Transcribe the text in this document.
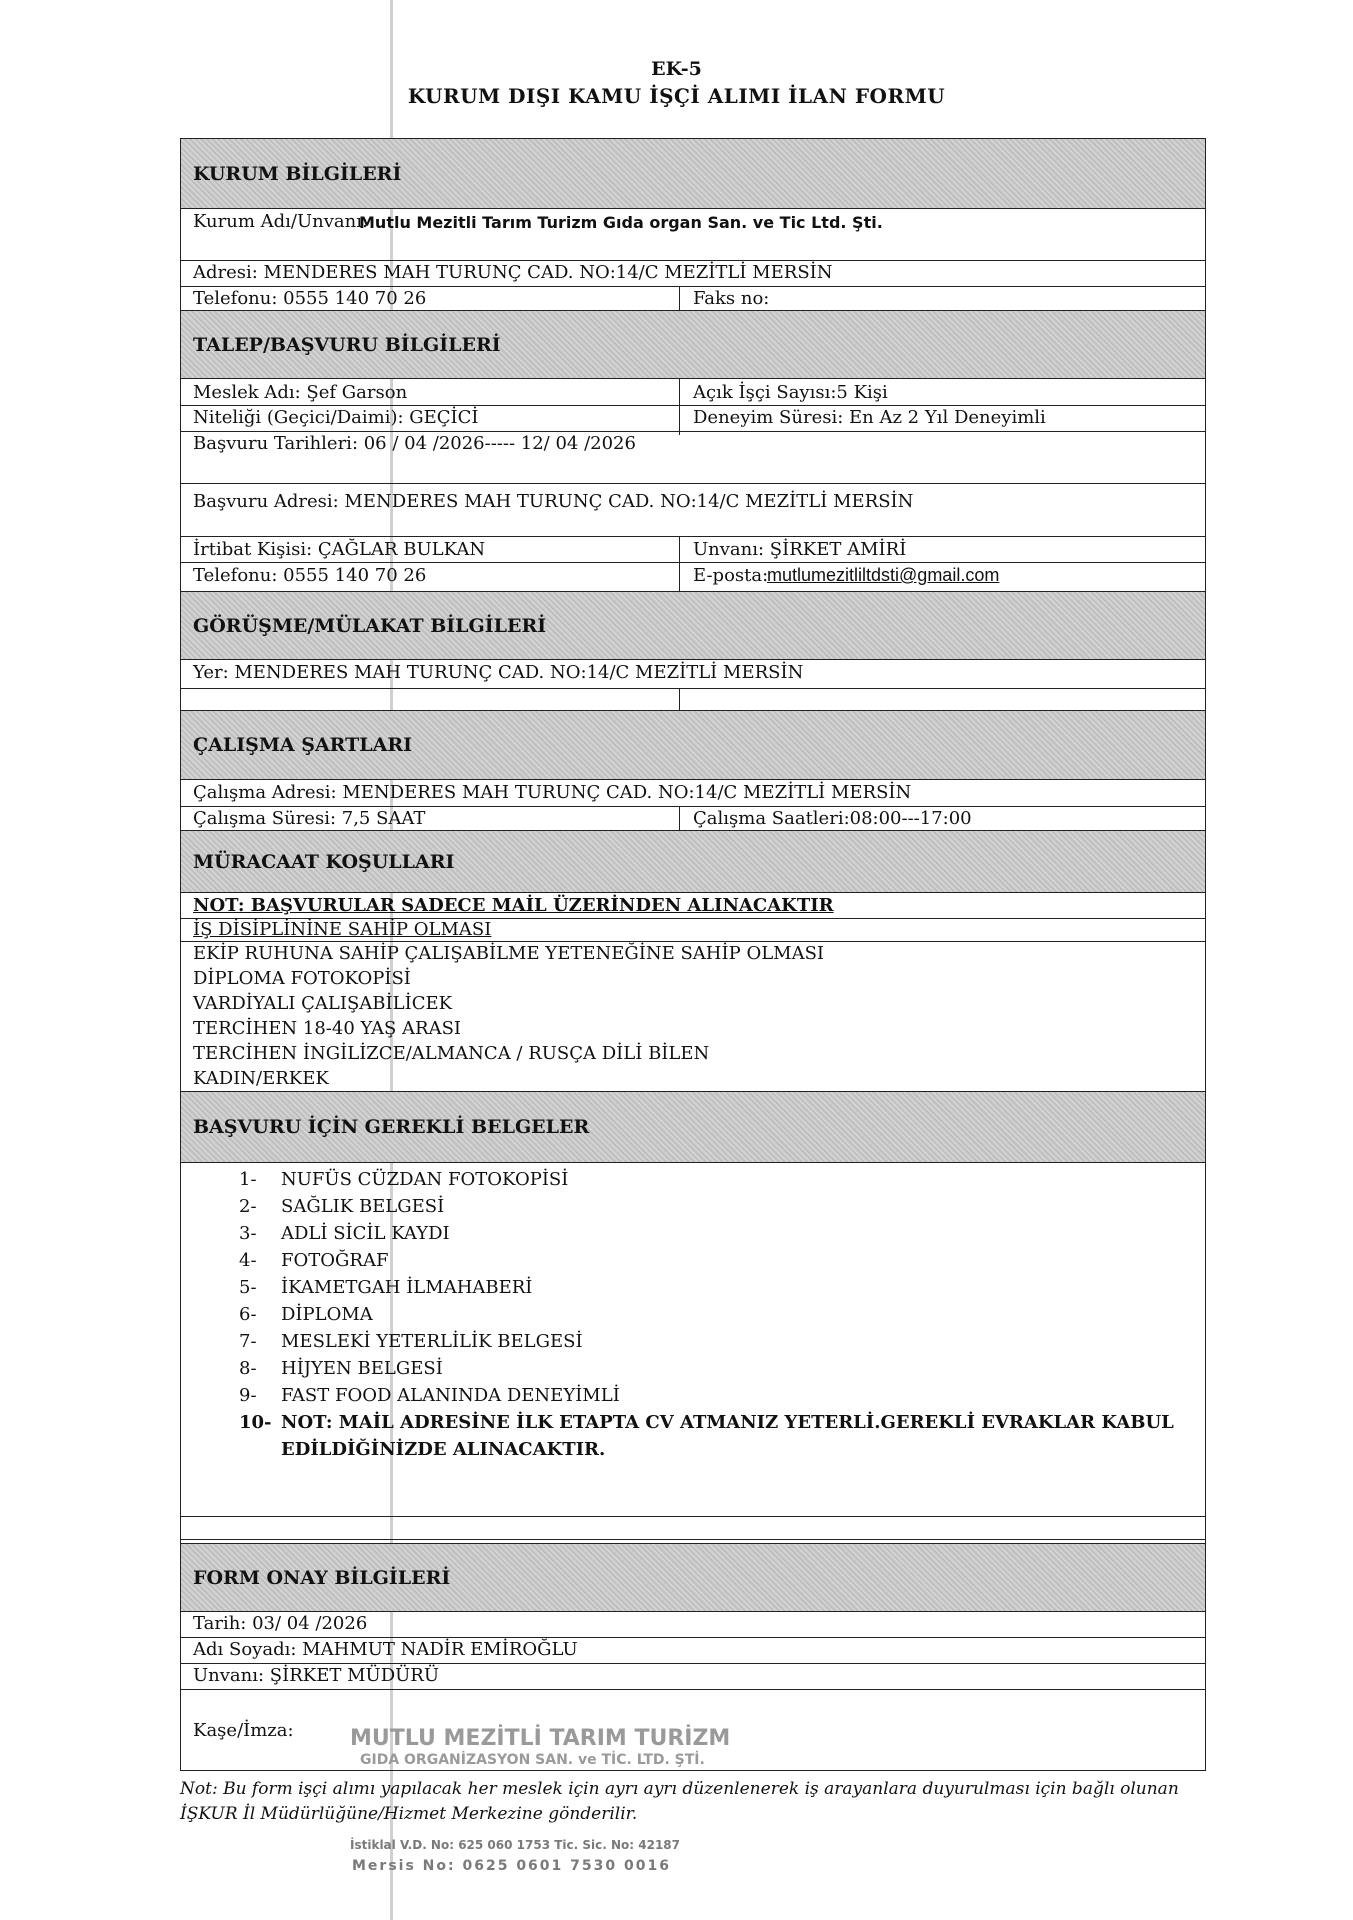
EK-5
KURUM DIŞI KAMU İŞÇİ ALIMI İLAN FORMU
KURUM BİLGİLERİ
Kurum Adı/Unvanı:
Mutlu Mezitli Tarım Turizm Gıda organ San. ve Tic Ltd. Şti.
Adresi: MENDERES MAH TURUNÇ CAD. NO:14/C MEZİTLİ MERSİN
Telefonu: 0555 140 70 26	Faks no:
TALEP/BAŞVURU BİLGİLERİ
Meslek Adı: Şef Garson	Açık İşçi Sayısı:5 Kişi
Niteliği (Geçici/Daimi): GEÇİCİ	Deneyim Süresi: En Az 2 Yıl Deneyimli
Başvuru Tarihleri: 06 / 04 /2026----- 12/ 04 /2026
Başvuru Adresi: MENDERES MAH TURUNÇ CAD. NO:14/C MEZİTLİ MERSİN
İrtibat Kişisi: ÇAĞLAR BULKAN	Unvanı: ŞİRKET AMİRİ
Telefonu: 0555 140 70 26	E-posta:
mutlumezitliltdsti@gmail.com
GÖRÜŞME/MÜLAKAT BİLGİLERİ
Yer: MENDERES MAH TURUNÇ CAD. NO:14/C MEZİTLİ MERSİN
ÇALIŞMA ŞARTLARI
Çalışma Adresi: MENDERES MAH TURUNÇ CAD. NO:14/C MEZİTLİ MERSİN
Çalışma Süresi: 7,5 SAAT	Çalışma Saatleri:08:00---17:00
MÜRACAAT KOŞULLARI
NOT: BAŞVURULAR SADECE MAİL ÜZERİNDEN ALINACAKTIR
İŞ DİSİPLİNİNE SAHİP OLMASI
EKİP RUHUNA SAHİP ÇALIŞABİLME YETENEĞİNE SAHİP OLMASI
DİPLOMA FOTOKOPİSİ
VARDİYALI ÇALIŞABİLİCEK
TERCİHEN 18-40 YAŞ ARASI
TERCİHEN İNGİLİZCE/ALMANCA / RUSÇA DİLİ BİLEN
KADIN/ERKEK
BAŞVURU İÇİN GEREKLİ BELGELER
1- NUFÜS CÜZDAN FOTOKOPİSİ
2- SAĞLIK BELGESİ
3- ADLİ SİCİL KAYDI
4- FOTOĞRAF
5- İKAMETGAH İLMAHABERİ
6- DİPLOMA
7- MESLEKİ YETERLİLİK BELGESİ
8- HİJYEN BELGESİ
9- FAST FOOD ALANINDA DENEYİMLİ
10- NOT: MAİL ADRESİNE İLK ETAPTA CV ATMANIZ YETERLİ.GEREKLİ EVRAKLAR KABUL
EDİLDİĞİNİZDE ALINACAKTIR.
FORM ONAY BİLGİLERİ
Tarih: 03/ 04 /2026
Adı Soyadı: MAHMUT NADİR EMİROĞLU
Unvanı: ŞİRKET MÜDÜRÜ
Kaşe/İmza:	MUTLU MEZİTLİ TARIM TURİZM
GIDA ORGANİZASYON SAN. ve TİC. LTD. ŞTİ.
İstiklal V.D. No: 625 060 1753 Tic. Sic. No: 42187
Mersis No: 0625 0601 7530 0016
Not: Bu form işçi alımı yapılacak her meslek için ayrı ayrı düzenlenerek iş arayanlara duyurulması için bağlı olunan İŞKUR İl Müdürlüğüne/Hizmet Merkezine gönderilir.
